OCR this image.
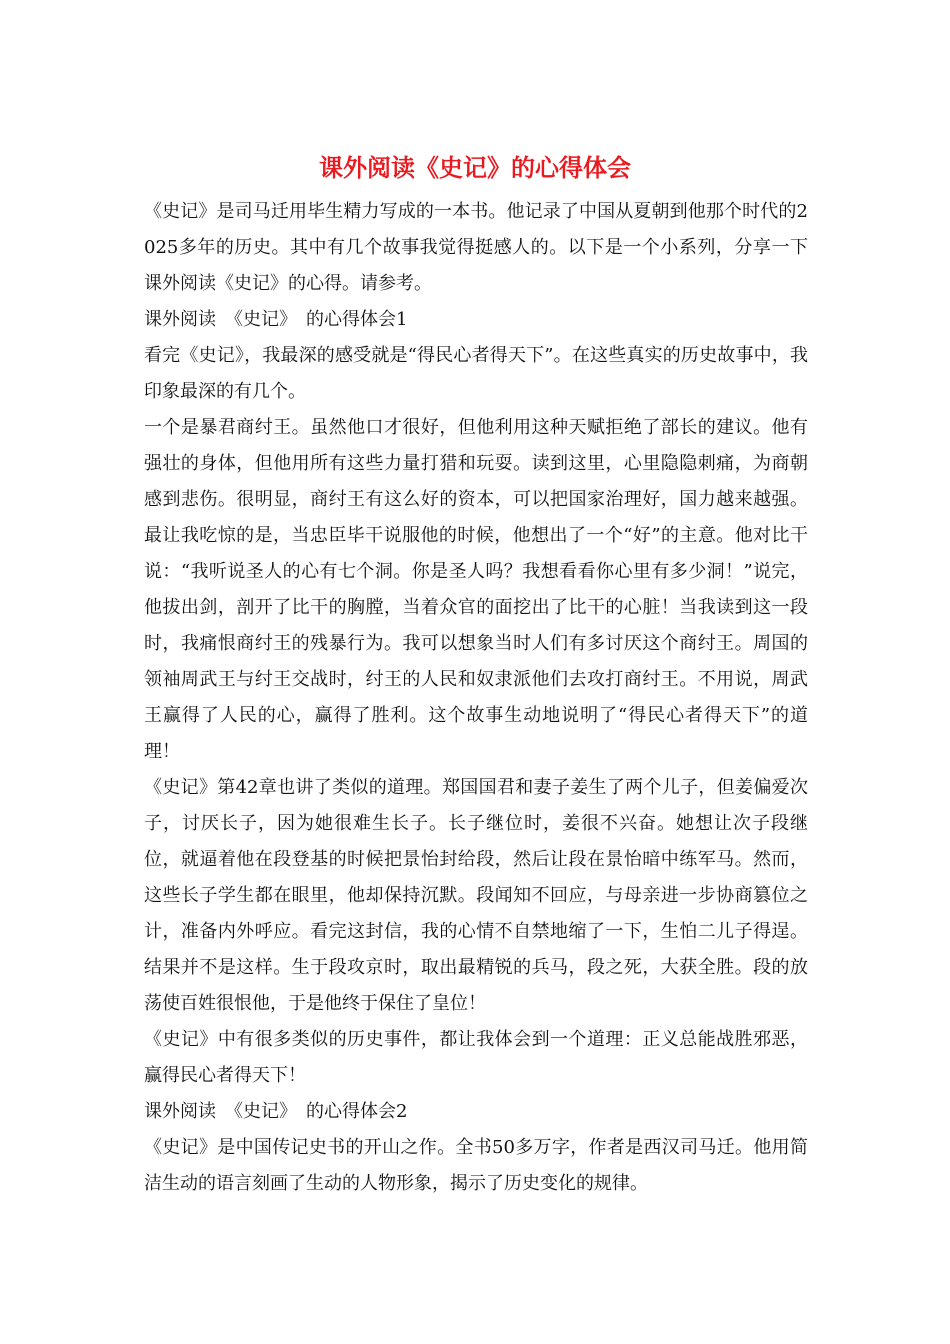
课外阅读《史记》的心得体会

《史记》是司马迁用毕生精力写成的一本书。他记录了中国从夏朝到他那个时代的2025多年的历史。其中有几个故事我觉得挺感人的。以下是一个小系列，分享一下课外阅读《史记》的心得。请参考。

课外阅读　《史记》　的心得体会1

看完《史记》，我最深的感受就是“得民心者得天下”。在这些真实的历史故事中，我印象最深的有几个。

一个是暴君商纣王。虽然他口才很好，但他利用这种天赋拒绝了部长的建议。他有强壮的身体，但他用所有这些力量打猎和玩耍。读到这里，心里隐隐刺痛，为商朝感到悲伤。很明显，商纣王有这么好的资本，可以把国家治理好，国力越来越强。最让我吃惊的是，当忠臣毕干说服他的时候，他想出了一个“好”的主意。他对比干说：“我听说圣人的心有七个洞。你是圣人吗？我想看看你心里有多少洞！”说完，他拔出剑，剖开了比干的胸膛，当着众官的面挖出了比干的心脏！当我读到这一段时，我痛恨商纣王的残暴行为。我可以想象当时人们有多讨厌这个商纣王。周国的领袖周武王与纣王交战时，纣王的人民和奴隶派他们去攻打商纣王。不用说，周武王赢得了人民的心，赢得了胜利。这个故事生动地说明了“得民心者得天下”的道理！

《史记》第42章也讲了类似的道理。郑国国君和妻子姜生了两个儿子，但姜偏爱次子，讨厌长子，因为她很难生长子。长子继位时，姜很不兴奋。她想让次子段继位，就逼着他在段登基的时候把景怡封给段，然后让段在景怡暗中练军马。然而，这些长子学生都在眼里，他却保持沉默。段闻知不回应，与母亲进一步协商篡位之计，准备内外呼应。看完这封信，我的心情不自禁地缩了一下，生怕二儿子得逞。结果并不是这样。生于段攻京时，取出最精锐的兵马，段之死，大获全胜。段的放荡使百姓很恨他，于是他终于保住了皇位！

《史记》中有很多类似的历史事件，都让我体会到一个道理：正义总能战胜邪恶，赢得民心者得天下！

课外阅读　《史记》　的心得体会2

《史记》是中国传记史书的开山之作。全书50多万字，作者是西汉司马迁。他用简洁生动的语言刻画了生动的人物形象，揭示了历史变化的规律。
